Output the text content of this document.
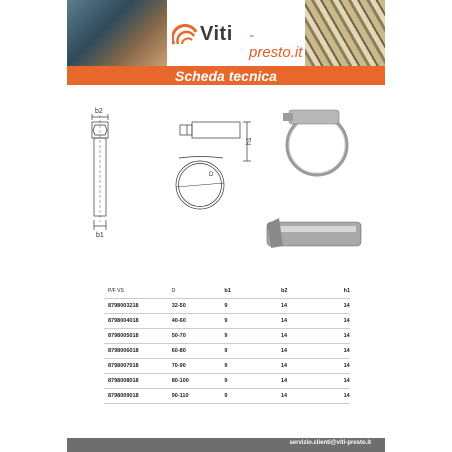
Viti -presto.it
Scheda tecnica
b2
b1
D
h1
P/F VS	D	b1	b2	h1
8798003218	32-50	9	14	14
8798004018	40-60	9	14	14
8798005018	50-70	9	14	14
8798006018	60-80	9	14	14
8798007018	70-90	9	14	14
8798008018	80-100	9	14	14
8798009018	90-110	9	14	14
servizio.clienti@viti-presto.it
